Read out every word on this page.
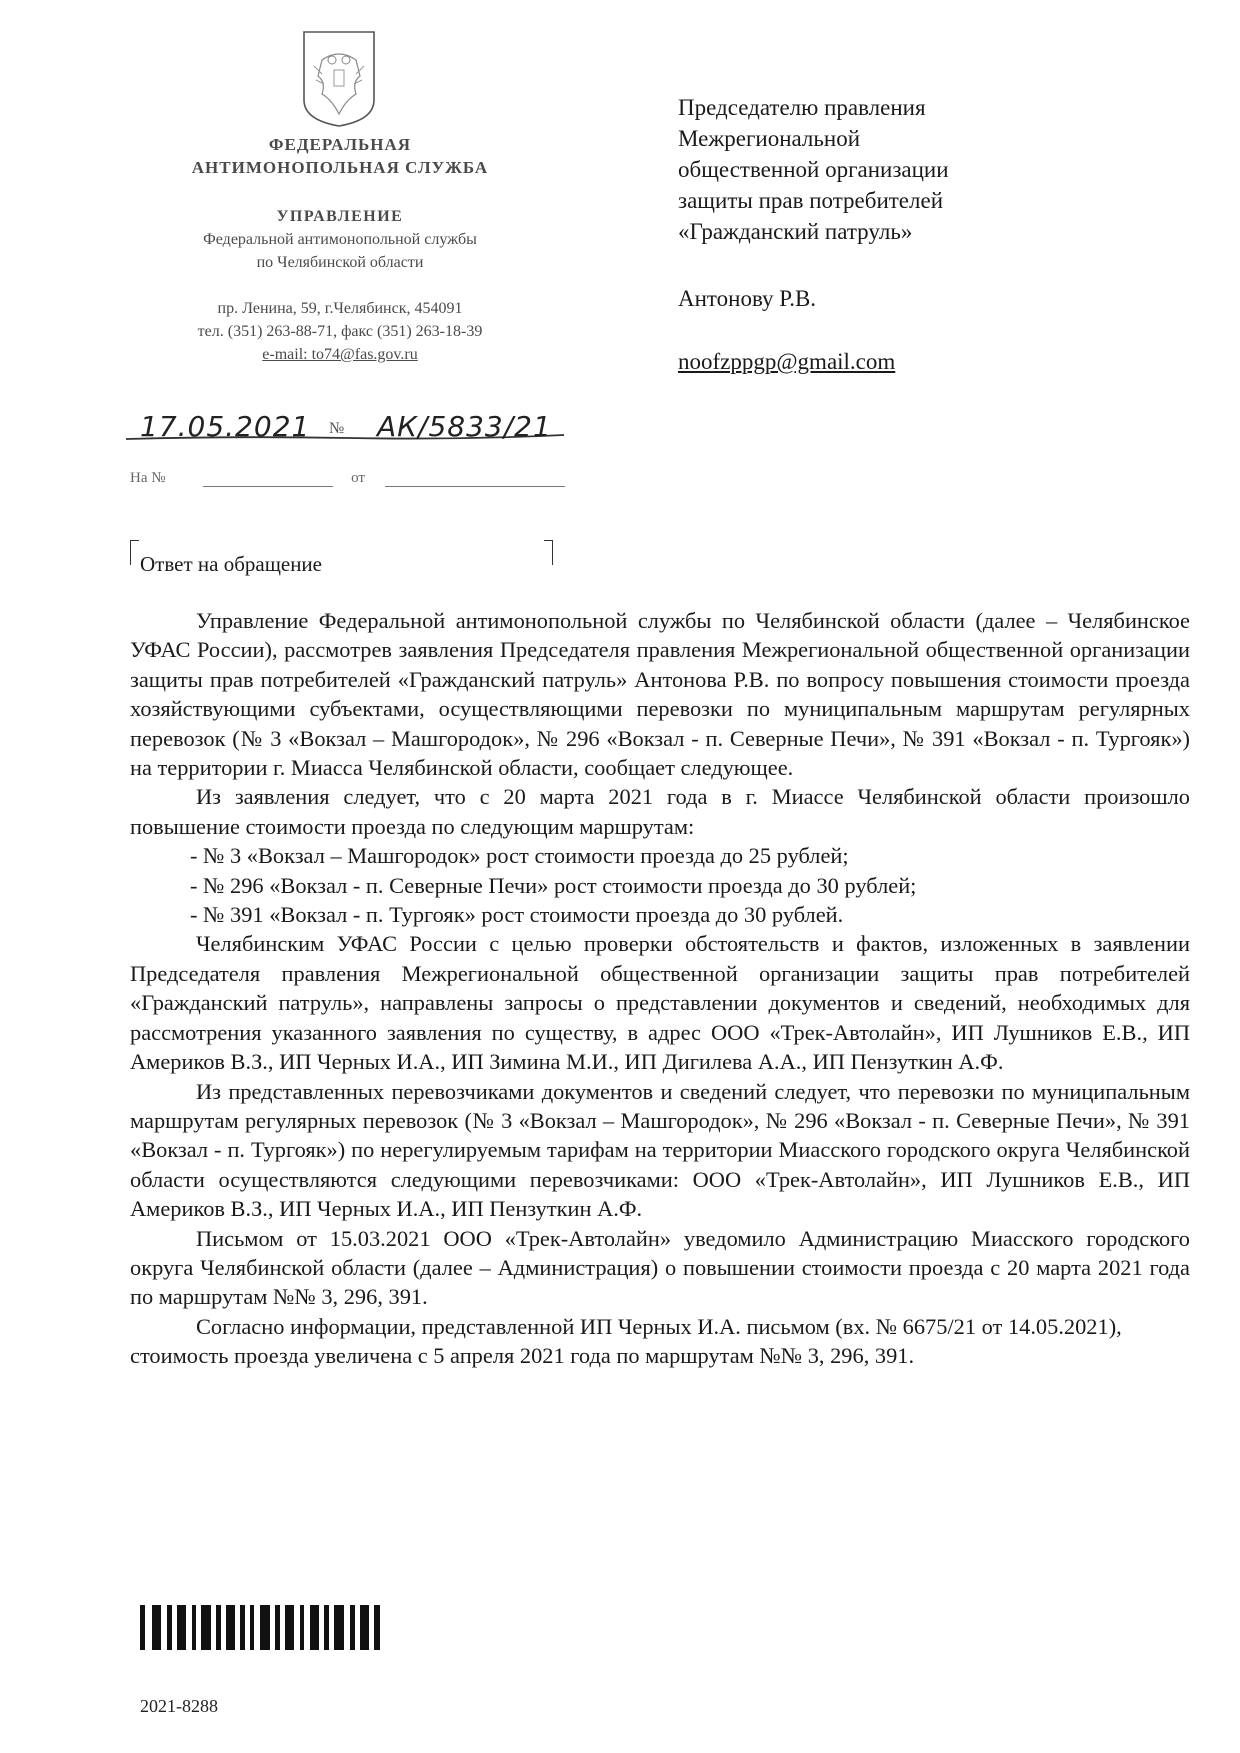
ФЕДЕРАЛЬНАЯ
АНТИМОНОПОЛЬНАЯ СЛУЖБА
УПРАВЛЕНИЕ
Федеральной антимонопольной службы
по Челябинской области
пр. Ленина, 59, г.Челябинск, 454091
тел. (351) 263-88-71, факс (351) 263-18-39
e-mail: to74@fas.gov.ru
17.05.2021 № АК/5833/21
На №	от
Председателю правления
Межрегиональной
общественной организации
защиты прав потребителей
«Гражданский патруль»
Антонову Р.В.
noofzppgp@gmail.com
Ответ на обращение

Управление Федеральной антимонопольной службы по Челябинской области (далее – Челябинское УФАС России), рассмотрев заявления Председателя правления Межрегиональной общественной организации защиты прав потребителей «Гражданский патруль» Антонова Р.В. по вопросу повышения стоимости проезда хозяйствующими субъектами, осуществляющими перевозки по муниципальным маршрутам регулярных перевозок (№ 3 «Вокзал – Машгородок», № 296 «Вокзал - п. Северные Печи», № 391 «Вокзал - п. Тургояк») на территории г. Миасса Челябинской области, сообщает следующее.

Из заявления следует, что с 20 марта 2021 года в г. Миассе Челябинской области произошло повышение стоимости проезда по следующим маршрутам:

- № 3 «Вокзал – Машгородок» рост стоимости проезда до 25 рублей;

- № 296 «Вокзал - п. Северные Печи» рост стоимости проезда до 30 рублей;

- № 391 «Вокзал - п. Тургояк» рост стоимости проезда до 30 рублей.

Челябинским УФАС России с целью проверки обстоятельств и фактов, изложенных в заявлении Председателя правления Межрегиональной общественной организации защиты прав потребителей «Гражданский патруль», направлены запросы о представлении документов и сведений, необходимых для рассмотрения указанного заявления по существу, в адрес ООО «Трек-Автолайн», ИП Лушников Е.В., ИП Америков В.З., ИП Черных И.А., ИП Зимина М.И., ИП Дигилева А.А., ИП Пензуткин А.Ф.

Из представленных перевозчиками документов и сведений следует, что перевозки по муниципальным маршрутам регулярных перевозок (№ 3 «Вокзал – Машгородок», № 296 «Вокзал - п. Северные Печи», № 391 «Вокзал - п. Тургояк») по нерегулируемым тарифам на территории Миасского городского округа Челябинской области осуществляются следующими перевозчиками: ООО «Трек-Автолайн», ИП Лушников Е.В., ИП Америков В.З., ИП Черных И.А., ИП Пензуткин А.Ф.

Письмом от 15.03.2021 ООО «Трек-Автолайн» уведомило Администрацию Миасского городского округа Челябинской области (далее – Администрация) о повышении стоимости проезда с 20 марта 2021 года по маршрутам №№ 3, 296, 391.

Согласно информации, представленной ИП Черных И.А. письмом (вх. № 6675/21 от 14.05.2021), стоимость проезда увеличена с 5 апреля 2021 года по маршрутам №№ 3, 296, 391.

2021-8288
